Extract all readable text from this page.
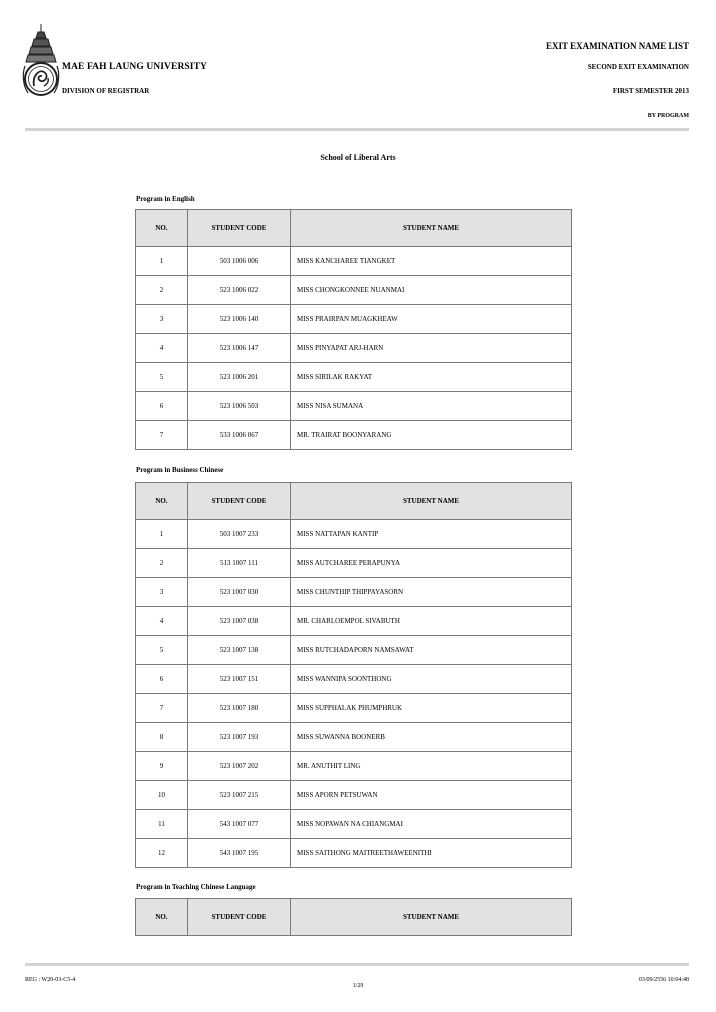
MAE FAH LAUNG UNIVERSITY
DIVISION OF REGISTRAR
EXIT EXAMINATION NAME LIST
SECOND EXIT EXAMINATION
FIRST SEMESTER 2013
BY PROGRAM
School of Liberal Arts
Program in English
NO.	STUDENT CODE	STUDENT NAME
1	503 1006 006	MISS KANCHAREE TIANGKET
2	523 1006 022	MISS CHONGKONNEE NUANMAI
3	523 1006 140	MISS PRAIRPAN MUAGKHEAW
4	523 1006 147	MISS PINYAPAT ARJ-HARN
5	523 1006 201	MISS SIRILAK RAKYAT
6	523 1006 503	MISS NISA SUMANA
7	533 1006 067	MR. TRAIRAT BOONYARANG
Program in Business Chinese
NO.	STUDENT CODE	STUDENT NAME
1	503 1007 233	MISS NATTAPAN KANTIP
2	513 1007 111	MISS AUTCHAREE PERAPUNYA
3	523 1007 030	MISS CHUNTHIP THIPPAYASORN
4	523 1007 038	MR. CHARLOEMPOL SIVABUTH
5	523 1007 138	MISS RUTCHADAPORN NAMSAWAT
6	523 1007 151	MISS WANNIPA SOONTHONG
7	523 1007 180	MISS SUPPHALAK PHUMPHRUK
8	523 1007 193	MISS SUWANNA BOONERB
9	523 1007 202	MR. ANUTHIT LING
10	523 1007 215	MISS APORN PETSUWAN
11	543 1007 077	MISS NOPAWAN NA CHIANGMAI
12	543 1007 195	MISS SAITHONG MAITREETHAWEENITHI
Program in Teaching Chinese Language
NO.	STUDENT CODE	STUDENT NAME
REG : W20-03-C5-4
1/29
03/09/2556 10:04:48
